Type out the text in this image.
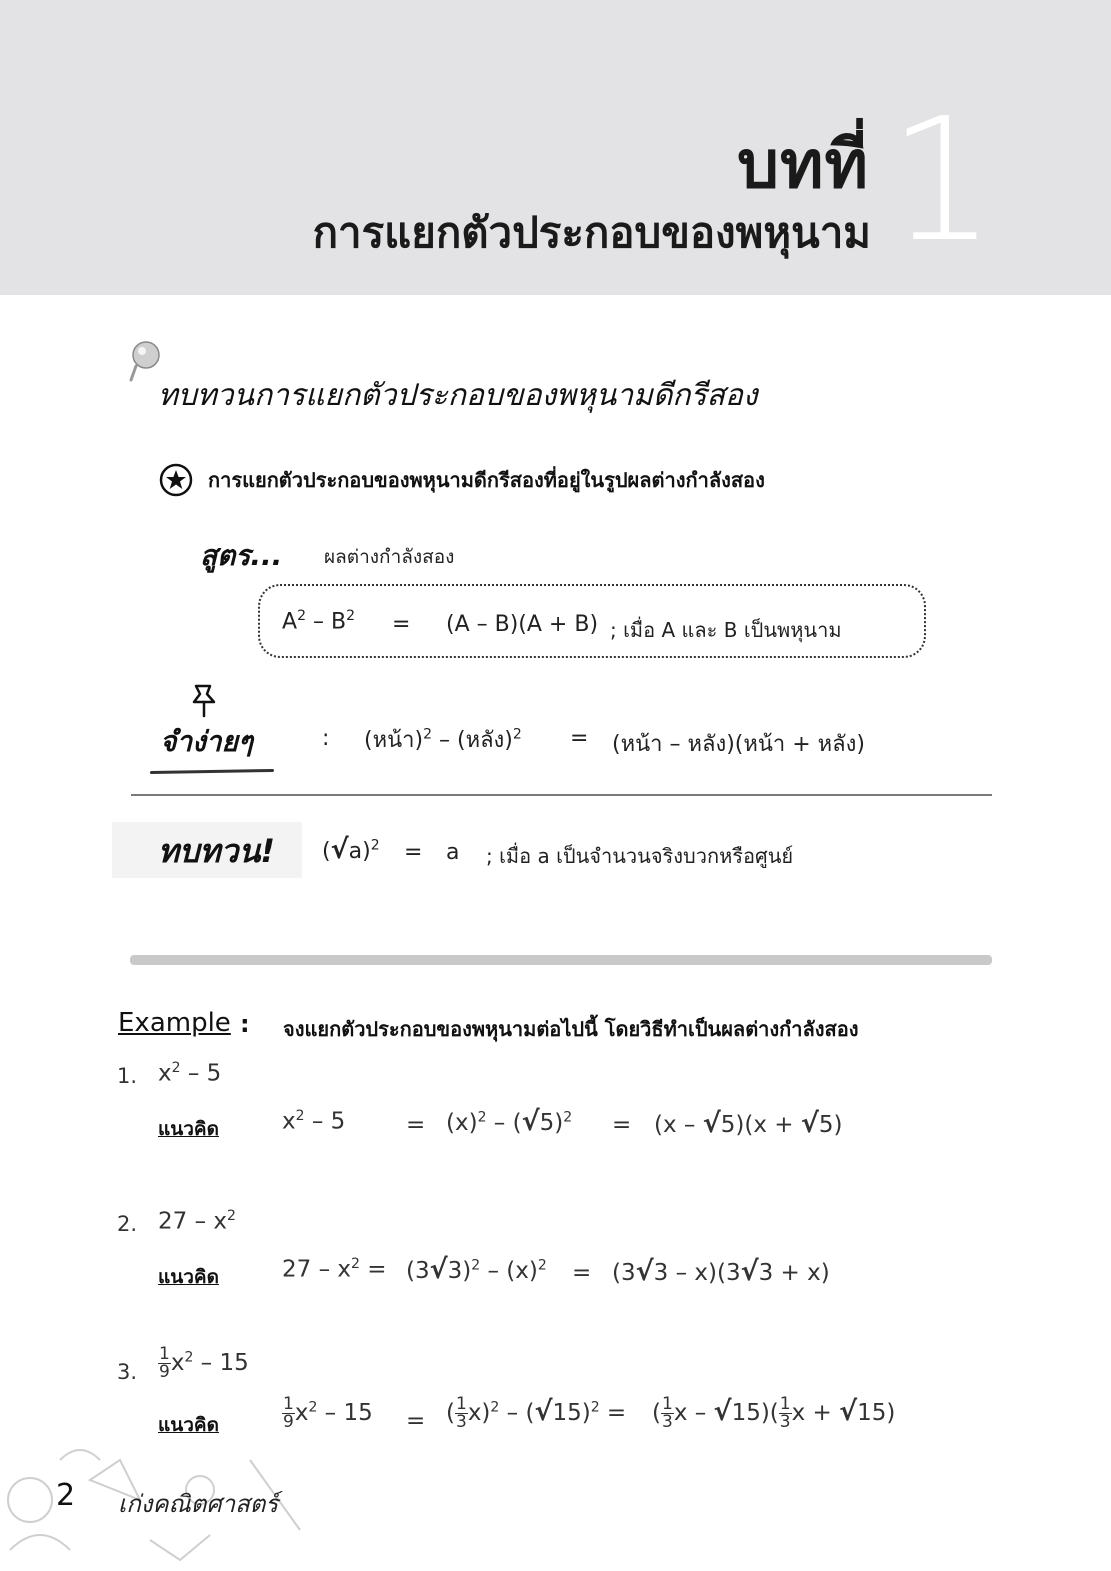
1
บทที่
การแยกตัวประกอบของพหุนาม
ทบทวนการแยกตัวประกอบของพหุนามดีกรีสอง
การแยกตัวประกอบของพหุนามดีกรีสองที่อยู่ในรูปผลต่างกำลังสอง
สูตร... ผลต่างกำลังสอง
$A^2 - B^2 = (A - B)(A + B)$ ; เมื่อ A และ B เป็นพหุนาม
จำง่ายๆ	: (หน้า)$^2$ – (หลัง)$^2$ = (หน้า – หลัง)(หน้า + หลัง)
ทบทวน! $(√a)^2 = a$ ; เมื่อ a เป็นจำนวนจริงบวกหรือศูนย์
Example : จงแยกตัวประกอบของพหุนามต่อไปนี้ โดยวิธีทำเป็นผลต่างกำลังสอง
1. $x^2 - 5$
แนวคิด	$x^2 - 5$	= $(x)^2 - (√5)^2 = (x - √5)(x + √5)$
2. $27 - x^2$
แนวคิด	$27 - x^2 = (3√3)^2 - (x)^2 = (3√3 - x)(3√3 + x)$
3. $\frac{1}{9} x^2 - 15$
แนวคิด	$\frac{1}{9} x^2 - 15$ = ( $\frac{1}{3} x)^2 - (√15)^2$ = ( $\frac{1}{3}$ x – $√15)( \frac{1}{3}$ x + √15)
2 เก่งคณิตศาสตร์
